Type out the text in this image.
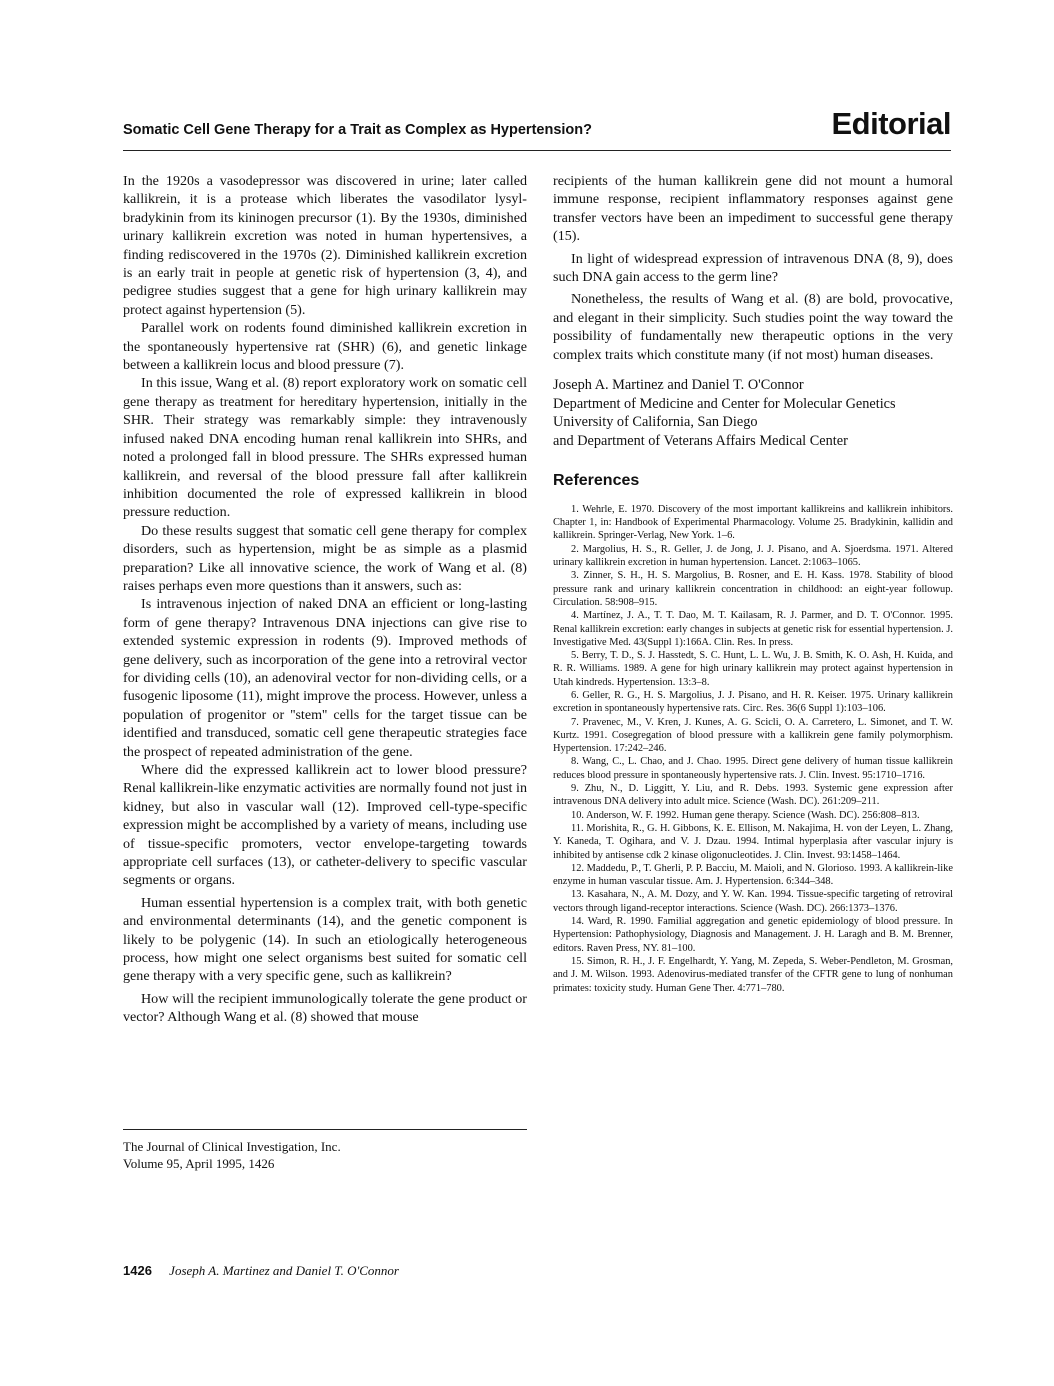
Somatic Cell Gene Therapy for a Trait as Complex as Hypertension?	Editorial

In the 1920s a vasodepressor was discovered in urine; later called kallikrein, it is a protease which liberates the vasodilator lysyl-bradykinin from its kininogen precursor (1). By the 1930s, diminished urinary kallikrein excretion was noted in human hypertensives, a finding rediscovered in the 1970s (2). Diminished kallikrein excretion is an early trait in people at genetic risk of hypertension (3, 4), and pedigree studies suggest that a gene for high urinary kallikrein may protect against hypertension (5).

Parallel work on rodents found diminished kallikrein excretion in the spontaneously hypertensive rat (SHR) (6), and genetic linkage between a kallikrein locus and blood pressure (7).

In this issue, Wang et al. (8) report exploratory work on somatic cell gene therapy as treatment for hereditary hypertension, initially in the SHR. Their strategy was remarkably simple: they intravenously infused naked DNA encoding human renal kallikrein into SHRs, and noted a prolonged fall in blood pressure. The SHRs expressed human kallikrein, and reversal of the blood pressure fall after kallikrein inhibition documented the role of expressed kallikrein in blood pressure reduction.

Do these results suggest that somatic cell gene therapy for complex disorders, such as hypertension, might be as simple as a plasmid preparation? Like all innovative science, the work of Wang et al. (8) raises perhaps even more questions than it answers, such as:

Is intravenous injection of naked DNA an efficient or long-lasting form of gene therapy? Intravenous DNA injections can give rise to extended systemic expression in rodents (9). Improved methods of gene delivery, such as incorporation of the gene into a retroviral vector for dividing cells (10), an adenoviral vector for non-dividing cells, or a fusogenic liposome (11), might improve the process. However, unless a population of progenitor or ''stem'' cells for the target tissue can be identified and transduced, somatic cell gene therapeutic strategies face the prospect of repeated administration of the gene.

Where did the expressed kallikrein act to lower blood pressure? Renal kallikrein-like enzymatic activities are normally found not just in kidney, but also in vascular wall (12). Improved cell-type-specific expression might be accomplished by a variety of means, including use of tissue-specific promoters, vector envelope-targeting towards appropriate cell surfaces (13), or catheter-delivery to specific vascular segments or organs.

Human essential hypertension is a complex trait, with both genetic and environmental determinants (14), and the genetic component is likely to be polygenic (14). In such an etiologically heterogeneous process, how might one select organisms best suited for somatic cell gene therapy with a very specific gene, such as kallikrein?

How will the recipient immunologically tolerate the gene product or vector? Although Wang et al. (8) showed that mouse

recipients of the human kallikrein gene did not mount a humoral immune response, recipient inflammatory responses against gene transfer vectors have been an impediment to successful gene therapy (15).

In light of widespread expression of intravenous DNA (8, 9), does such DNA gain access to the germ line?

Nonetheless, the results of Wang et al. (8) are bold, provocative, and elegant in their simplicity. Such studies point the way toward the possibility of fundamentally new therapeutic options in the very complex traits which constitute many (if not most) human diseases.

Joseph A. Martinez and Daniel T. O'Connor
Department of Medicine and Center for Molecular Genetics
University of California, San Diego
and Department of Veterans Affairs Medical Center
References

1. Wehrle, E. 1970. Discovery of the most important kallikreins and kallikrein inhibitors. Chapter 1, in: Handbook of Experimental Pharmacology. Volume 25. Bradykinin, kallidin and kallikrein. Springer-Verlag, New York. 1–6.

2. Margolius, H. S., R. Geller, J. de Jong, J. J. Pisano, and A. Sjoerdsma. 1971. Altered urinary kallikrein excretion in human hypertension. Lancet. 2:1063–1065.

3. Zinner, S. H., H. S. Margolius, B. Rosner, and E. H. Kass. 1978. Stability of blood pressure rank and urinary kallikrein concentration in childhood: an eight-year followup. Circulation. 58:908–915.

4. Martínez, J. A., T. T. Dao, M. T. Kailasam, R. J. Parmer, and D. T. O'Connor. 1995. Renal kallikrein excretion: early changes in subjects at genetic risk for essential hypertension. J. Investigative Med. 43(Suppl 1):166A. Clin. Res. In press.

5. Berry, T. D., S. J. Hasstedt, S. C. Hunt, L. L. Wu, J. B. Smith, K. O. Ash, H. Kuida, and R. R. Williams. 1989. A gene for high urinary kallikrein may protect against hypertension in Utah kindreds. Hypertension. 13:3–8.

6. Geller, R. G., H. S. Margolius, J. J. Pisano, and H. R. Keiser. 1975. Urinary kallikrein excretion in spontaneously hypertensive rats. Circ. Res. 36(6 Suppl 1):103–106.

7. Pravenec, M., V. Kren, J. Kunes, A. G. Scicli, O. A. Carretero, L. Simonet, and T. W. Kurtz. 1991. Cosegregation of blood pressure with a kallikrein gene family polymorphism. Hypertension. 17:242–246.

8. Wang, C., L. Chao, and J. Chao. 1995. Direct gene delivery of human tissue kallikrein reduces blood pressure in spontaneously hypertensive rats. J. Clin. Invest. 95:1710–1716.

9. Zhu, N., D. Liggitt, Y. Liu, and R. Debs. 1993. Systemic gene expression after intravenous DNA delivery into adult mice. Science (Wash. DC). 261:209–211.

10. Anderson, W. F. 1992. Human gene therapy. Science (Wash. DC). 256:808–813.

11. Morishita, R., G. H. Gibbons, K. E. Ellison, M. Nakajima, H. von der Leyen, L. Zhang, Y. Kaneda, T. Ogihara, and V. J. Dzau. 1994. Intimal hyperplasia after vascular injury is inhibited by antisense cdk 2 kinase oligonucleotides. J. Clin. Invest. 93:1458–1464.

12. Maddedu, P., T. Gherli, P. P. Bacciu, M. Maioli, and N. Glorioso. 1993. A kallikrein-like enzyme in human vascular tissue. Am. J. Hypertension. 6:344–348.

13. Kasahara, N., A. M. Dozy, and Y. W. Kan. 1994. Tissue-specific targeting of retroviral vectors through ligand-receptor interactions. Science (Wash. DC). 266:1373–1376.

14. Ward, R. 1990. Familial aggregation and genetic epidemiology of blood pressure. In Hypertension: Pathophysiology, Diagnosis and Management. J. H. Laragh and B. M. Brenner, editors. Raven Press, NY. 81–100.

15. Simon, R. H., J. F. Engelhardt, Y. Yang, M. Zepeda, S. Weber-Pendleton, M. Grosman, and J. M. Wilson. 1993. Adenovirus-mediated transfer of the CFTR gene to lung of nonhuman primates: toxicity study. Human Gene Ther. 4:771–780.

The Journal of Clinical Investigation, Inc.
Volume 95, April 1995, 1426
1426 Joseph A. Martinez and Daniel T. O'Connor
